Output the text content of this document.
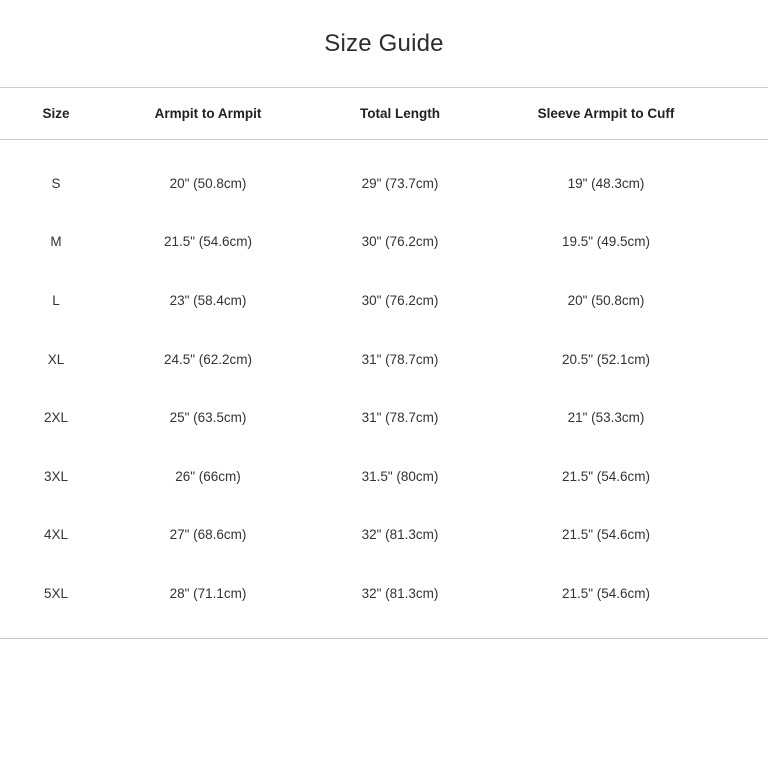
Size Guide
Size	Armpit to Armpit	Total Length	Sleeve Armpit to Cuff
S	20" (50.8cm)	29" (73.7cm)	19" (48.3cm)
M	21.5" (54.6cm)	30" (76.2cm)	19.5" (49.5cm)
L	23" (58.4cm)	30" (76.2cm)	20" (50.8cm)
XL	24.5" (62.2cm)	31" (78.7cm)	20.5" (52.1cm)
2XL	25" (63.5cm)	31" (78.7cm)	21" (53.3cm)
3XL	26" (66cm)	31.5" (80cm)	21.5" (54.6cm)
4XL	27" (68.6cm)	32" (81.3cm)	21.5" (54.6cm)
5XL	28" (71.1cm)	32" (81.3cm)	21.5" (54.6cm)
